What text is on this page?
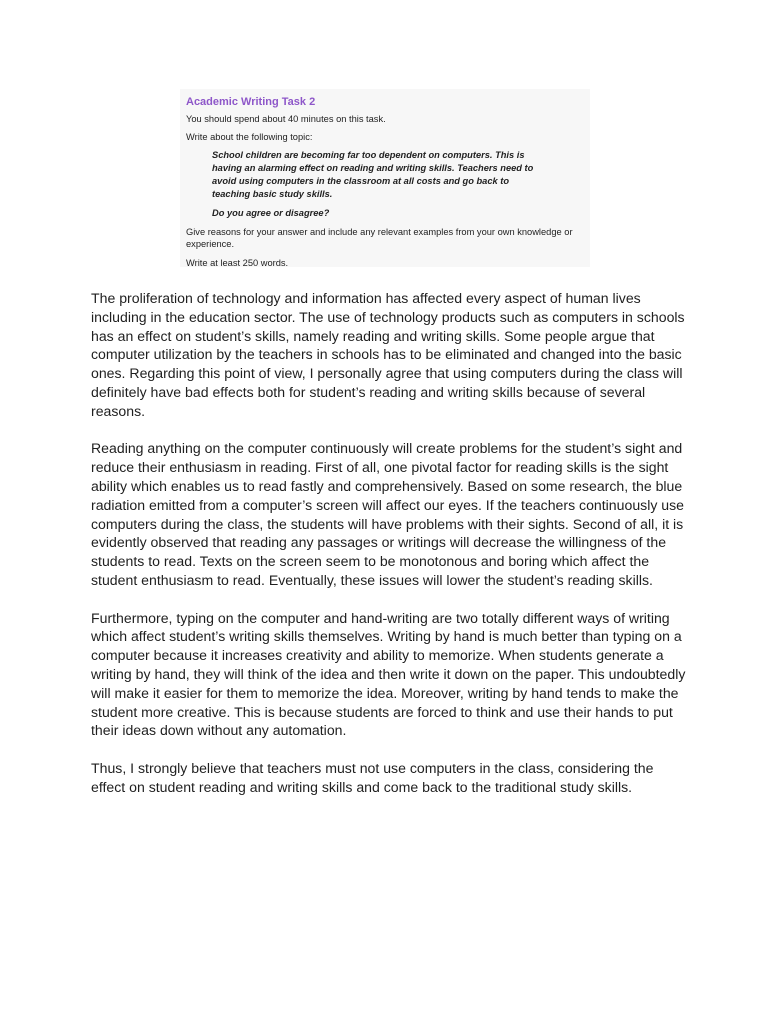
Academic Writing Task 2
You should spend about 40 minutes on this task.
Write about the following topic:
School children are becoming far too dependent on computers. This is
having an alarming effect on reading and writing skills. Teachers need to
avoid using computers in the classroom at all costs and go back to
teaching basic study skills.
Do you agree or disagree?
Give reasons for your answer and include any relevant examples from your own knowledge or
experience.
Write at least 250 words.

The proliferation of technology and information has affected every aspect of human lives
including in the education sector. The use of technology products such as computers in schools
has an effect on student’s skills, namely reading and writing skills. Some people argue that
computer utilization by the teachers in schools has to be eliminated and changed into the basic
ones. Regarding this point of view, I personally agree that using computers during the class will
definitely have bad effects both for student’s reading and writing skills because of several
reasons.

Reading anything on the computer continuously will create problems for the student’s sight and
reduce their enthusiasm in reading. First of all, one pivotal factor for reading skills is the sight
ability which enables us to read fastly and comprehensively. Based on some research, the blue
radiation emitted from a computer’s screen will affect our eyes. If the teachers continuously use
computers during the class, the students will have problems with their sights. Second of all, it is
evidently observed that reading any passages or writings will decrease the willingness of the
students to read. Texts on the screen seem to be monotonous and boring which affect the
student enthusiasm to read. Eventually, these issues will lower the student’s reading skills.

Furthermore, typing on the computer and hand-writing are two totally different ways of writing
which affect student’s writing skills themselves. Writing by hand is much better than typing on a
computer because it increases creativity and ability to memorize. When students generate a
writing by hand, they will think of the idea and then write it down on the paper. This undoubtedly
will make it easier for them to memorize the idea. Moreover, writing by hand tends to make the
student more creative. This is because students are forced to think and use their hands to put
their ideas down without any automation.

Thus, I strongly believe that teachers must not use computers in the class, considering the
effect on student reading and writing skills and come back to the traditional study skills.
